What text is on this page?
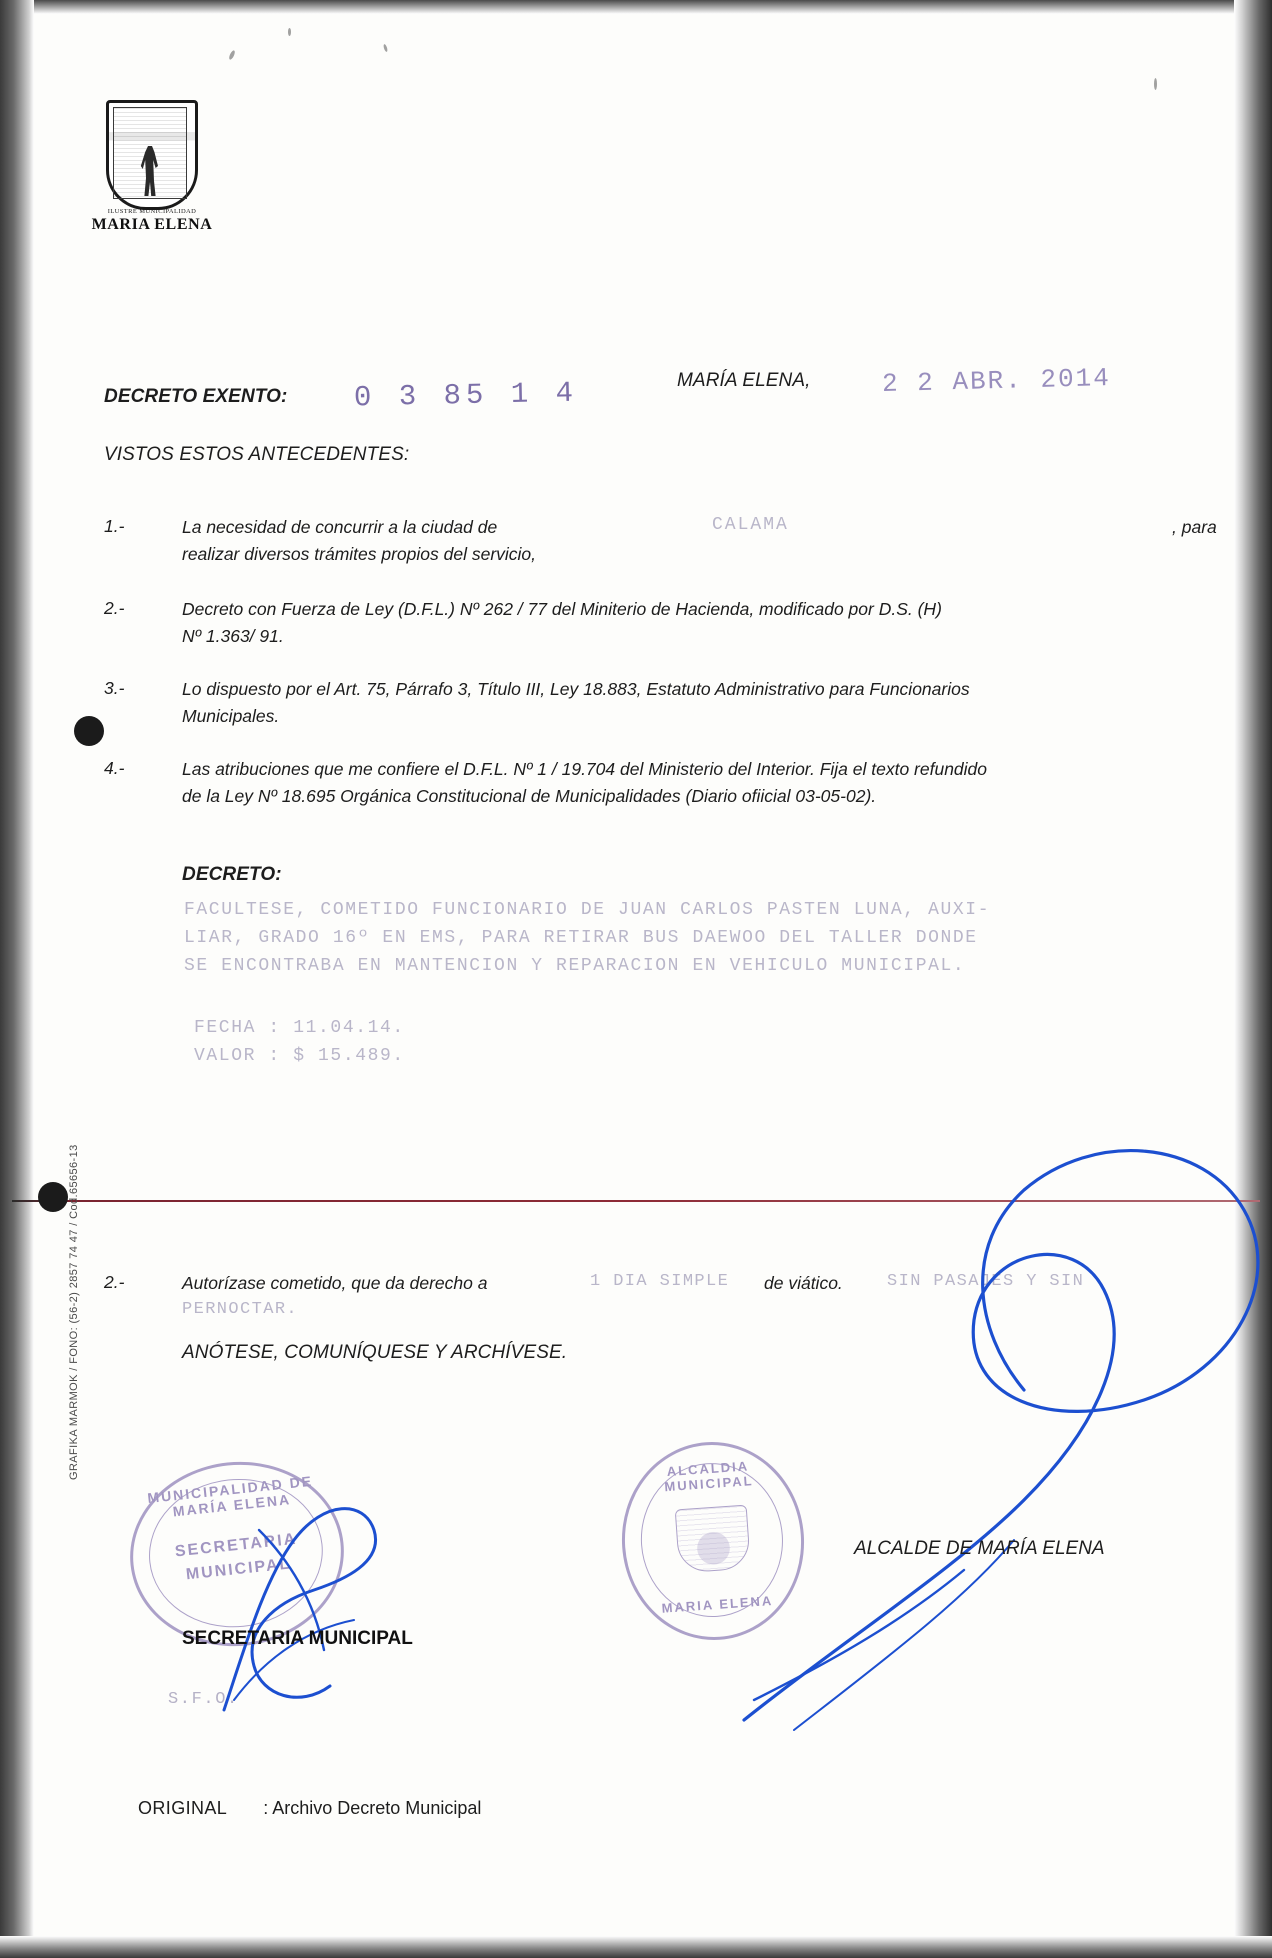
ILUSTRE MUNICIPALIDAD
MARIA ELENA
DECRETO EXENTO: 0 3 85 1 4	MARÍA ELENA,	2 2 ABR. 2014
VISTOS ESTOS ANTECEDENTES:
1.-	La necesidad de concurrir a la ciudad de	CALAMA	, para
realizar diversos trámites propios del servicio,
2.-	Decreto con Fuerza de Ley (D.F.L.) Nº 262 / 77 del Miniterio de Hacienda, modificado por D.S. (H)
Nº 1.363/ 91.
3.-	Lo dispuesto por el Art. 75, Párrafo 3, Título III, Ley 18.883, Estatuto Administrativo para Funcionarios
Municipales.
4.-	Las atribuciones que me confiere el D.F.L. Nº 1 / 19.704 del Ministerio del Interior. Fija el texto refundido
de la Ley Nº 18.695 Orgánica Constitucional de Municipalidades (Diario ofiicial 03-05-02).
DECRETO:
FACULTESE, COMETIDO FUNCIONARIO DE JUAN CARLOS PASTEN LUNA, AUXI-
LIAR, GRADO 16º EN EMS, PARA RETIRAR BUS DAEWOO DEL TALLER DONDE
SE ENCONTRABA EN MANTENCION Y REPARACION EN VEHICULO MUNICIPAL.
FECHA : 11.04.14.
VALOR : $ 15.489.
2.-	Autorízase cometido, que da derecho a	1 DIA SIMPLE de viático.	SIN PASAJES Y SIN
PERNOCTAR.
ANÓTESE, COMUNÍQUESE Y ARCHÍVESE.
MUNICIPALIDAD DE MARÍA ELENA
SECRETARIA
MUNICIPAL
ALCALDIA MUNICIPAL
MARIA ELENA
SECRETARIA MUNICIPAL
ALCALDE DE MARÍA ELENA
S.F.O.
ORIGINAL : Archivo Decreto Municipal
GRAFIKA MARMOK / FONO: (56-2) 2857 74 47 / Cod.65656-13
